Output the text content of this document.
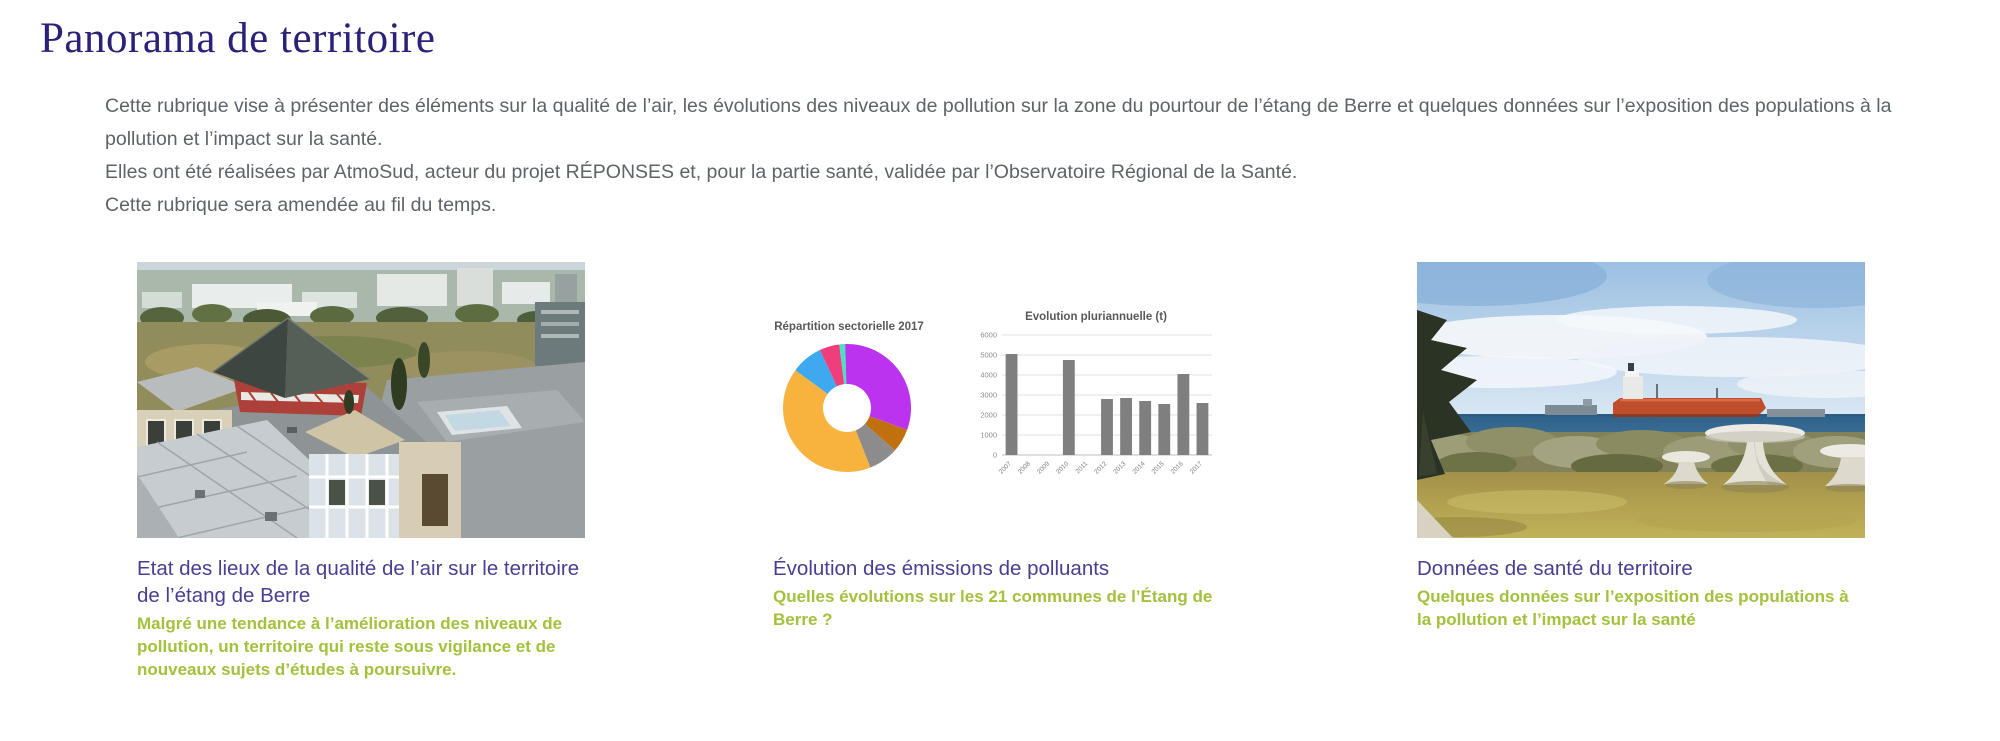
Panorama de territoire

Cette rubrique vise à présenter des éléments sur la qualité de l’air, les évolutions des niveaux de pollution sur la zone du pourtour de l’étang de Berre et quelques données sur l’exposition des populations à la pollution et l’impact sur la santé.

Elles ont été réalisées par AtmoSud, acteur du projet RÉPONSES et, pour la partie santé, validée par l’Observatoire Régional de la Santé.

Cette rubrique sera amendée au fil du temps.

Etat des lieux de la qualité de l’air sur le territoire de l’étang de Berre

Malgré une tendance à l’amélioration des niveaux de pollution, un territoire qui reste sous vigilance et de nouveaux sujets d’études à poursuivre.

Répartition sectorielle 2017
Evolution pluriannuelle (t)
0
1000
2000
3000
4000
5000
6000
2007 2008 2009 2010 2011 2012 2013 2014 2015 2016 2017
Évolution des émissions de polluants

Quelles évolutions sur les 21 communes de l’Étang de Berre ?

Données de santé du territoire

Quelques données sur l’exposition des populations à la pollution et l’impact sur la santé
